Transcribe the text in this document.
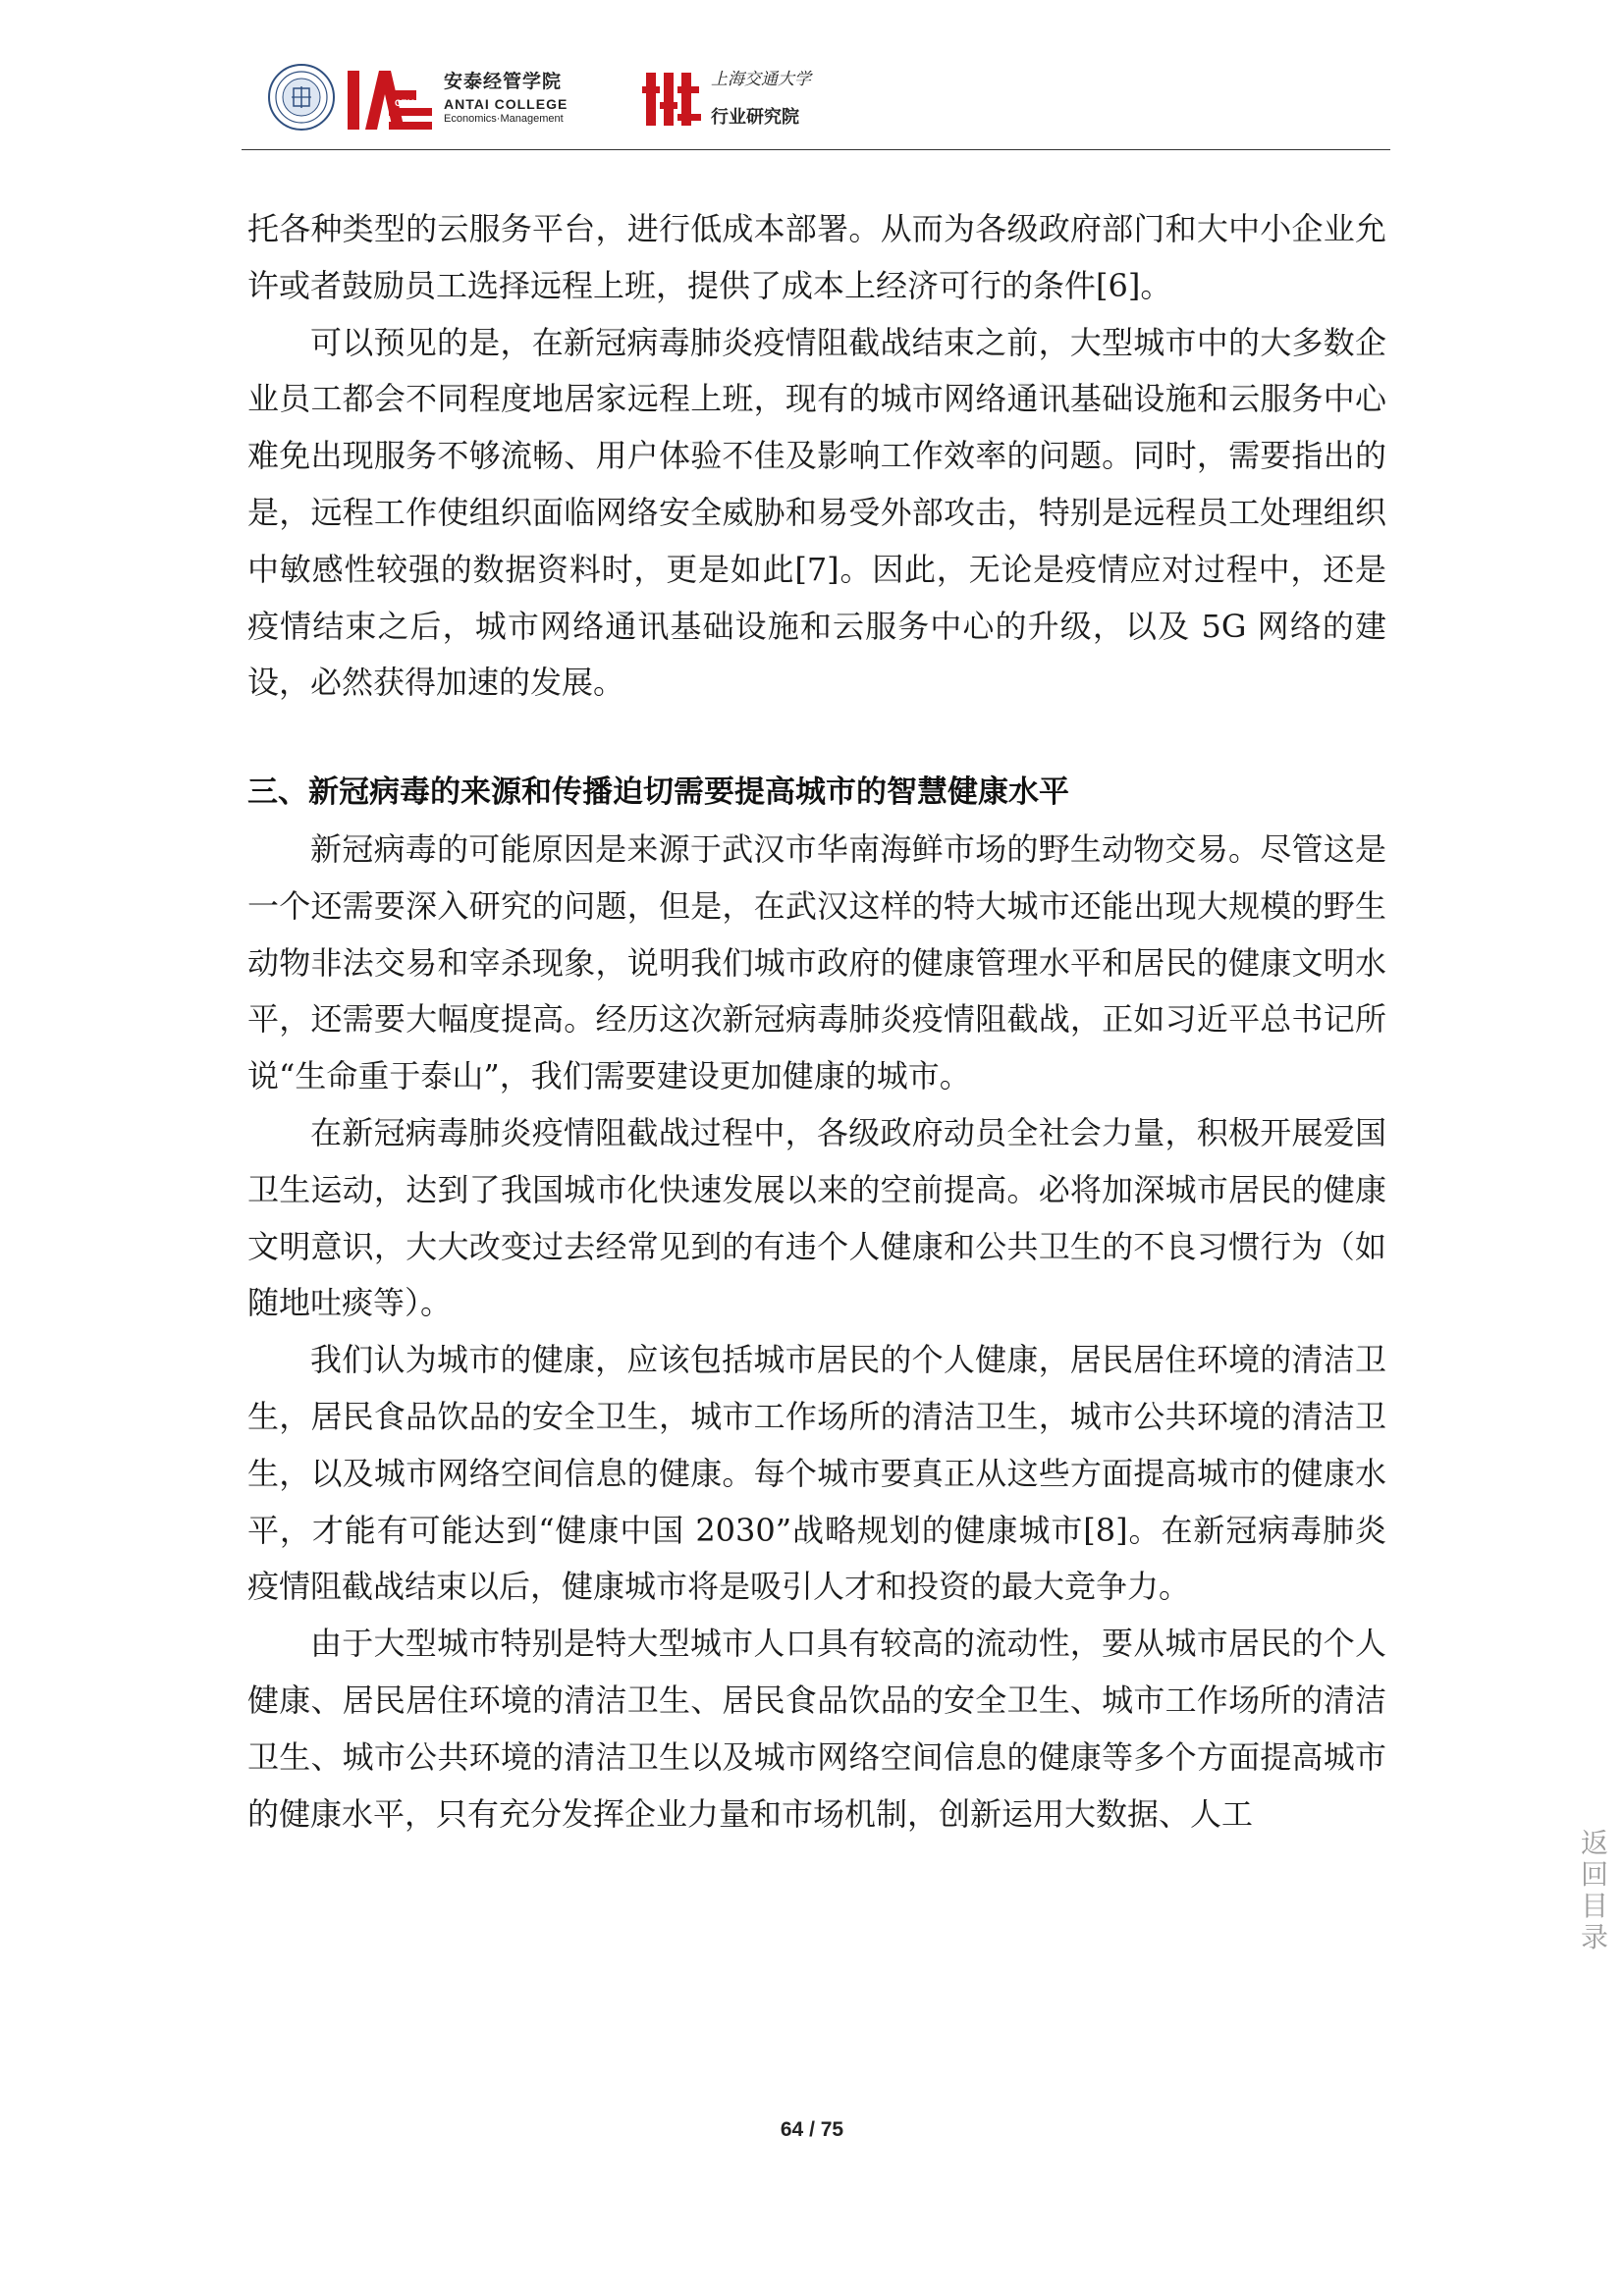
CEM
安泰经管学院
ANTAI COLLEGE
Economics·Management
上海交通大学
行业研究院

托各种类型的云服务平台，进行低成本部署。从而为各级政府部门和大中小企业允许或者鼓励员工选择远程上班，提供了成本上经济可行的条件[6]。

可以预见的是，在新冠病毒肺炎疫情阻截战结束之前，大型城市中的大多数企业员工都会不同程度地居家远程上班，现有的城市网络通讯基础设施和云服务中心难免出现服务不够流畅、用户体验不佳及影响工作效率的问题。同时，需要指出的是，远程工作使组织面临网络安全威胁和易受外部攻击，特别是远程员工处理组织中敏感性较强的数据资料时，更是如此[7]。因此，无论是疫情应对过程中，还是疫情结束之后，城市网络通讯基础设施和云服务中心的升级，以及 5G 网络的建设，必然获得加速的发展。

三、新冠病毒的来源和传播迫切需要提高城市的智慧健康水平

新冠病毒的可能原因是来源于武汉市华南海鲜市场的野生动物交易。尽管这是一个还需要深入研究的问题，但是，在武汉这样的特大城市还能出现大规模的野生动物非法交易和宰杀现象，说明我们城市政府的健康管理水平和居民的健康文明水平，还需要大幅度提高。经历这次新冠病毒肺炎疫情阻截战，正如习近平总书记所说“生命重于泰山”，我们需要建设更加健康的城市。

在新冠病毒肺炎疫情阻截战过程中，各级政府动员全社会力量，积极开展爱国卫生运动，达到了我国城市化快速发展以来的空前提高。必将加深城市居民的健康文明意识，大大改变过去经常见到的有违个人健康和公共卫生的不良习惯行为（如随地吐痰等）。

我们认为城市的健康，应该包括城市居民的个人健康，居民居住环境的清洁卫生，居民食品饮品的安全卫生，城市工作场所的清洁卫生，城市公共环境的清洁卫生，以及城市网络空间信息的健康。每个城市要真正从这些方面提高城市的健康水平，才能有可能达到“健康中国 2030”战略规划的健康城市[8]。在新冠病毒肺炎疫情阻截战结束以后，健康城市将是吸引人才和投资的最大竞争力。

由于大型城市特别是特大型城市人口具有较高的流动性，要从城市居民的个人健康、居民居住环境的清洁卫生、居民食品饮品的安全卫生、城市工作场所的清洁卫生、城市公共环境的清洁卫生以及城市网络空间信息的健康等多个方面提高城市的健康水平，只有充分发挥企业力量和市场机制，创新运用大数据、人工

返
回
目
录
64 / 75
